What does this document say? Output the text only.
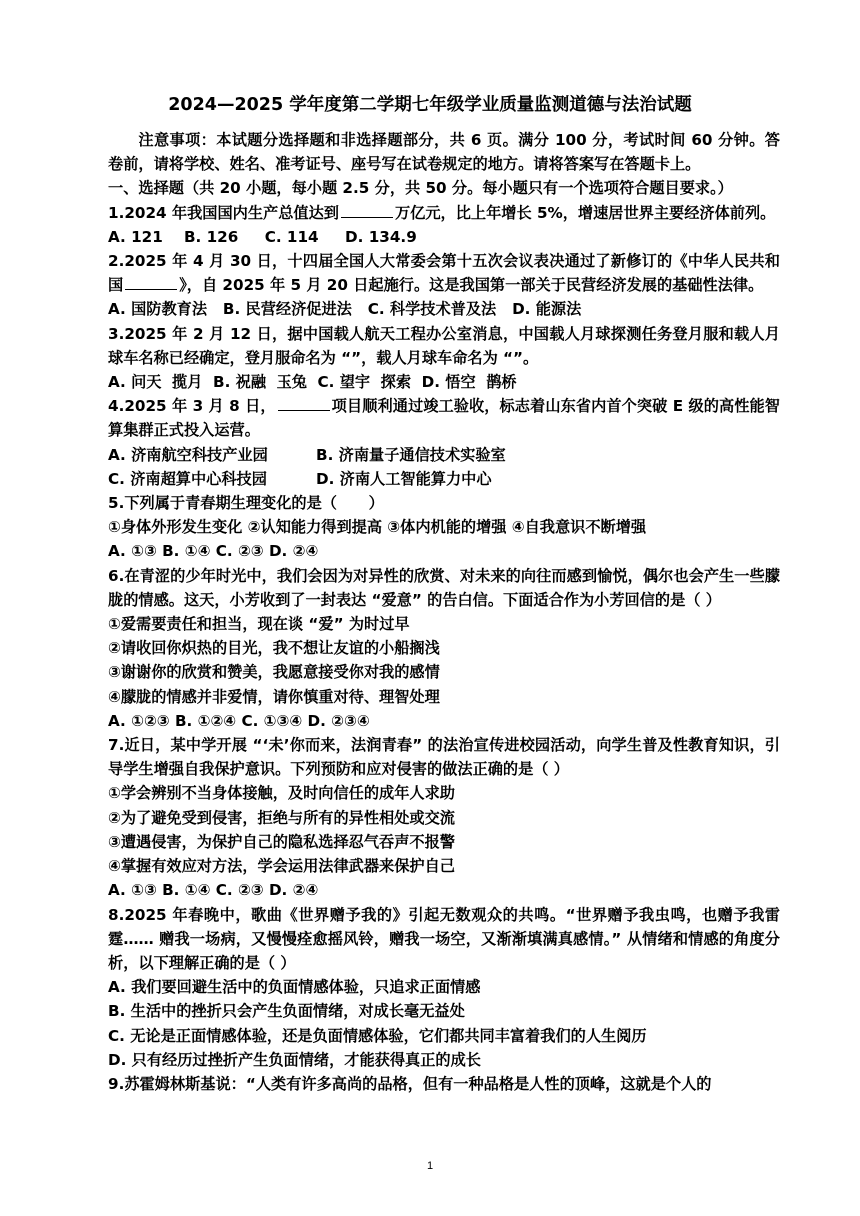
2024—2025 学年度第二学期七年级学业质量监测道德与法治试题

注意事项：本试题分选择题和非选择题部分，共 6 页。满分 100 分，考试时间 60 分钟。答卷前，请将学校、姓名、准考证号、座号写在试卷规定的地方。请将答案写在答题卡上。

一、选择题（共 20 小题，每小题 2.5 分，共 50 分。每小题只有一个选项符合题目要求。）

1.2024 年我国国内生产总值达到	万亿元，比上年增长 5%，增速居世界主要经济体前列。

A. 121    B. 126     C. 114     D. 134.9

2.2025 年 4 月 30 日，十四届全国人大常委会第十五次会议表决通过了新修订的《中华人民共和国	》，自 2025 年 5 月 20 日起施行。这是我国第一部关于民营经济发展的基础性法律。

A. 国防教育法   B. 民营经济促进法   C. 科学技术普及法   D. 能源法

3.2025 年 2 月 12 日，据中国载人航天工程办公室消息，中国载人月球探测任务登月服和载人月球车名称已经确定，登月服命名为 “”，载人月球车命名为 “”。

A. 问天  揽月  B. 祝融  玉兔  C. 望宇  探索  D. 悟空  鹊桥

4.2025 年 3 月 8 日，	项目顺利通过竣工验收，标志着山东省内首个突破 E 级的高性能智算集群正式投入运营。

A. 济南航空科技产业园	B. 济南量子通信技术实验室

C. 济南超算中心科技园	D. 济南人工智能算力中心

5.下列属于青春期生理变化的是（      ）

①身体外形发生变化 ②认知能力得到提高 ③体内机能的增强 ④自我意识不断增强

A. ①③ B. ①④ C. ②③ D. ②④

6.在青涩的少年时光中，我们会因为对异性的欣赏、对未来的向往而感到愉悦，偶尔也会产生一些朦胧的情感。这天，小芳收到了一封表达 “爱意” 的告白信。下面适合作为小芳回信的是（ ）

①爱需要责任和担当，现在谈 “爱” 为时过早

②请收回你炽热的目光，我不想让友谊的小船搁浅

③谢谢你的欣赏和赞美，我愿意接受你对我的感情

④朦胧的情感并非爱情，请你慎重对待、理智处理

A. ①②③ B. ①②④ C. ①③④ D. ②③④

7.近日，某中学开展 “‘未’你而来，法润青春” 的法治宣传进校园活动，向学生普及性教育知识，引导学生增强自我保护意识。下列预防和应对侵害的做法正确的是（ ）

①学会辨别不当身体接触，及时向信任的成年人求助

②为了避免受到侵害，拒绝与所有的异性相处或交流

③遭遇侵害，为保护自己的隐私选择忍气吞声不报警

④掌握有效应对方法，学会运用法律武器来保护自己

A. ①③ B. ①④ C. ②③ D. ②④

8.2025 年春晚中，歌曲《世界赠予我的》引起无数观众的共鸣。“世界赠予我虫鸣，也赠予我雷霆…… 赠我一场病，又慢慢痊愈摇风铃，赠我一场空，又渐渐填满真感情。” 从情绪和情感的角度分析，以下理解正确的是（ ）

A. 我们要回避生活中的负面情感体验，只追求正面情感

B. 生活中的挫折只会产生负面情绪，对成长毫无益处

C. 无论是正面情感体验，还是负面情感体验，它们都共同丰富着我们的人生阅历

D. 只有经历过挫折产生负面情绪，才能获得真正的成长

9.苏霍姆林斯基说：“人类有许多高尚的品格，但有一种品格是人性的顶峰，这就是个人的

1
